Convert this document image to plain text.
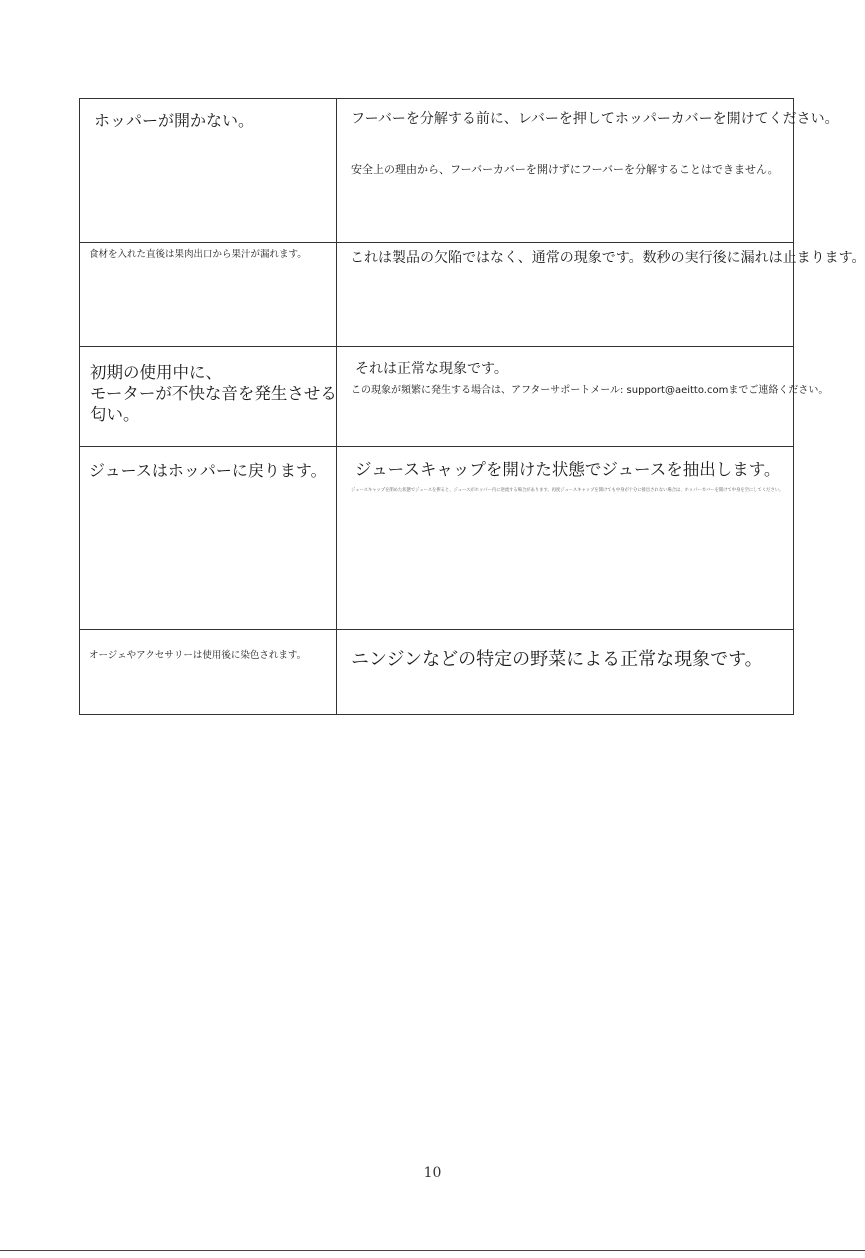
ホッパーが開かない。	フーバーを分解する前に、レバーを押してホッパーカバーを開けてください。
安全上の理由から、フーバーカバーを開けずにフーバーを分解することはできません。
食材を入れた直後は果肉出口から果汁が漏れます。	これは製品の欠陥ではなく、通常の現象です。数秒の実行後に漏れは止まります。
初期の使用中に、
モーターが不快な音を発生させる
匂い。
それは正常な現象です。
この現象が頻繁に発生する場合は、アフターサポートメール: support@aeitto.comまでご連絡ください。
ジュースはホッパーに戻ります。 ジュースキャップを開けた状態でジュースを抽出します。
ジュースキャップを閉めた状態でジュースを搾ると、ジュースがホッパー内に逆流する場合があります。再度ジュースキャップを開けても中身が十分に排出されない場合は、ホッパーカバーを開けて中身を空にしてください。
オージェやアクセサリーは使用後に染色されます。 ニンジンなどの特定の野菜による正常な現象です。
10
